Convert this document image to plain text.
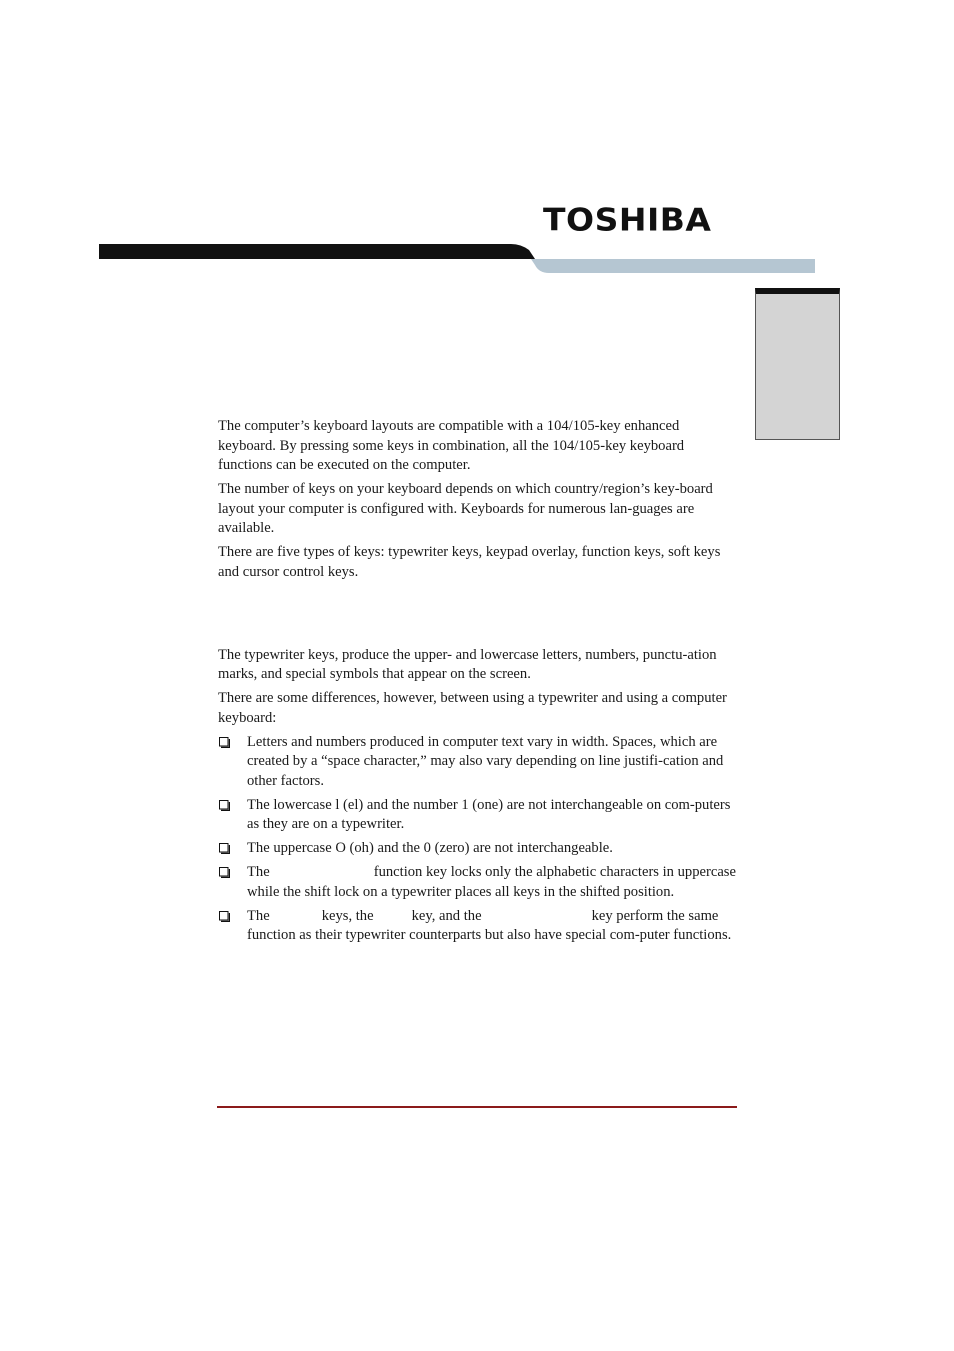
TOSHIBA

The computer’s keyboard layouts are compatible with a 104/105-key enhanced keyboard. By pressing some keys in combination, all the 104/105-key keyboard functions can be executed on the computer.

The number of keys on your keyboard depends on which country/region’s key-board layout your computer is configured with. Keyboards for numerous lan-guages are available.

There are five types of keys: typewriter keys, keypad overlay, function keys, soft keys and cursor control keys.

The typewriter keys, produce the upper- and lowercase letters, numbers, punctu-ation marks, and special symbols that appear on the screen.

There are some differences, however, between using a typewriter and using a computer keyboard:

Letters and numbers produced in computer text vary in width. Spaces, which are created by a “space character,” may also vary depending on line justifi-cation and other factors.
The lowercase l (el) and the number 1 (one) are not interchangeable on com-puters as they are on a typewriter.
The uppercase O (oh) and the 0 (zero) are not interchangeable.
The	function key locks only the alphabetic characters in uppercase while the shift lock on a typewriter places all keys in the shifted position.
The	keys, the	key, and the	key perform the same function as their typewriter counterparts but also have special com-puter functions.
